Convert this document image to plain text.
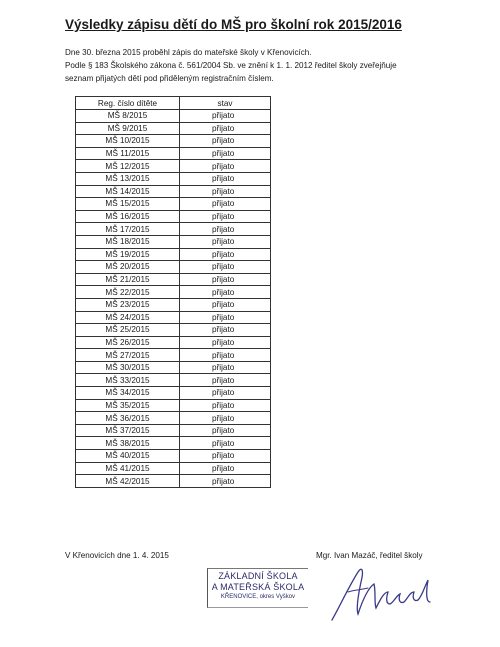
Výsledky zápisu dětí do MŠ pro školní rok 2015/2016

Dne 30. března 2015 proběhl zápis do mateřské školy v Křenovicích.

Podle § 183 Školského zákona č. 561/2004 Sb. ve znění k 1. 1. 2012 ředitel školy zveřejňuje

seznam přijatých dětí pod přiděleným registračním číslem.

Reg. číslo dítěte	stav
MŠ 8/2015	přijato
MŠ 9/2015	přijato
MŠ 10/2015	přijato
MŠ 11/2015	přijato
MŠ 12/2015	přijato
MŠ 13/2015	přijato
MŠ 14/2015	přijato
MŠ 15/2015	přijato
MŠ 16/2015	přijato
MŠ 17/2015	přijato
MŠ 18/2015	přijato
MŠ 19/2015	přijato
MŠ 20/2015	přijato
MŠ 21/2015	přijato
MŠ 22/2015	přijato
MŠ 23/2015	přijato
MŠ 24/2015	přijato
MŠ 25/2015	přijato
MŠ 26/2015	přijato
MŠ 27/2015	přijato
MŠ 30/2015	přijato
MŠ 33/2015	přijato
MŠ 34/2015	přijato
MŠ 35/2015	přijato
MŠ 36/2015	přijato
MŠ 37/2015	přijato
MŠ 38/2015	přijato
MŠ 40/2015	přijato
MŠ 41/2015	přijato
MŠ 42/2015	přijato
V Křenovicích dne 1. 4. 2015	Mgr. Ivan Mazáč, ředitel školy
ZÁKLADNÍ ŠKOLA
A MATEŘSKÁ ŠKOLA
KŘENOVICE, okres Vyškov
